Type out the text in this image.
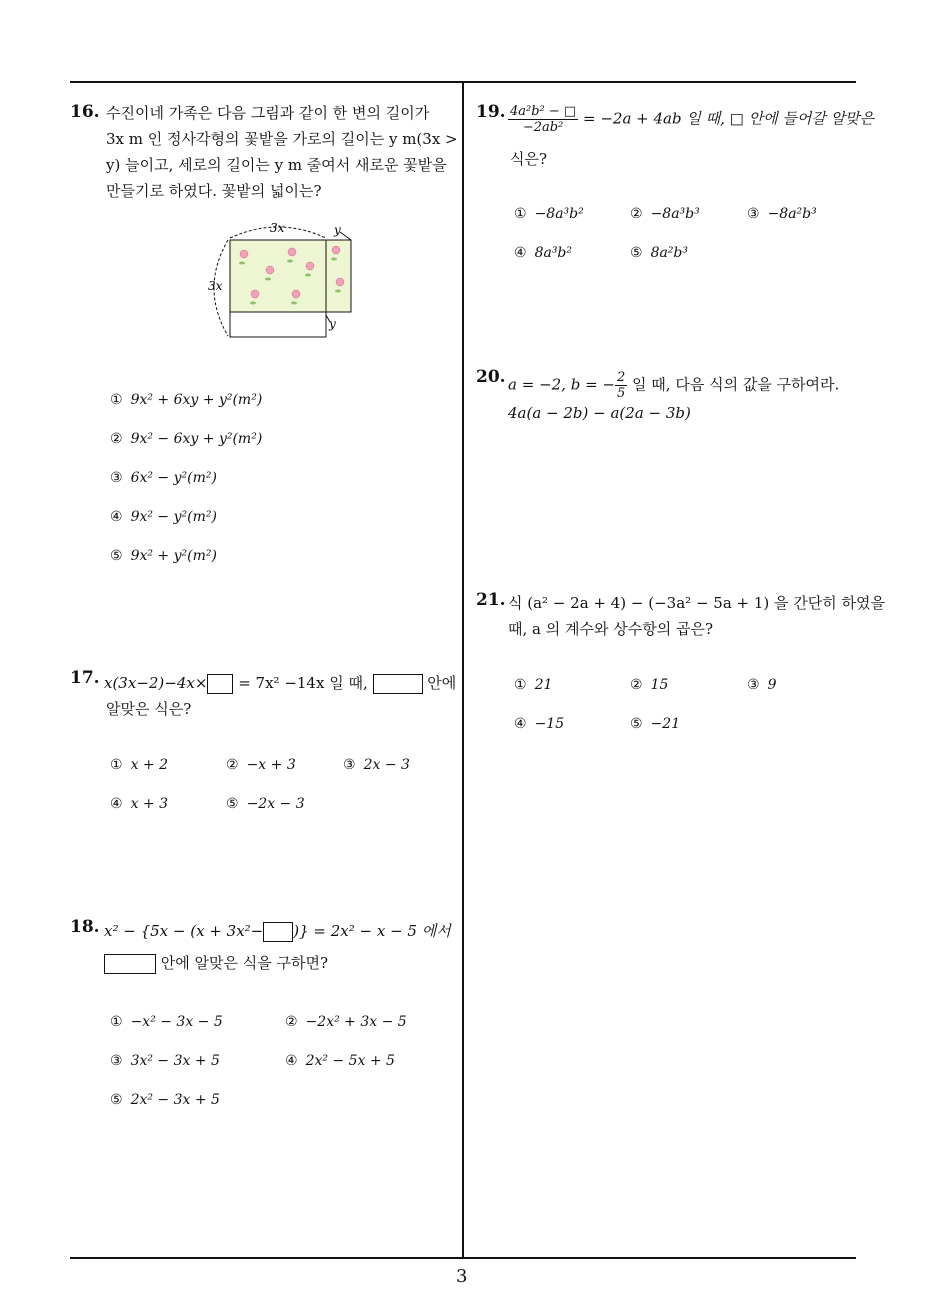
16. 수진이네 가족은 다음 그림과 같이 한 변의 길이가
3x m 인 정사각형의 꽃밭을 가로의 길이는 y m(3x >
y) 늘이고, 세로의 길이는 y m 줄여서 새로운 꽃밭을
만들기로 하였다. 꽃밭의 넓이는?
3x	y
3x
y
① 9x² + 6xy + y²(m²)
② 9x² − 6xy + y²(m²)
③ 6x² − y²(m²)
④ 9x² − y²(m²)
⑤ 9x² + y²(m²)
17. x(3x−2)−4x× = 7x² −14x 일 때,	안에
알맞은 식은?
① x + 2	② −x + 3	③ 2x − 3
④ x + 3	⑤ −2x − 3
18. x² − {5x − (x + 3x²− )} = 2x² − x − 5 에서
안에 알맞은 식을 구하면?
① −x² − 3x − 5	② −2x² + 3x − 5
③ 3x² − 3x + 5	④ 2x² − 5x + 5
⑤ 2x² − 3x + 5
19. $\frac{\text{4a²b² − □}}{\text{−2ab²}} = -2a + 4ab$ 일 때, □ 안에 들어갈 알맞은
식은?
① −8a³b²	② −8a³b³	③ −8a²b³
④ 8a³b²	⑤ 8a²b³
20. a = −2, b = − $\frac{2}{5}$ 일 때, 다음 식의 값을 구하여라.
4a(a − 2b) − a(2a − 3b)
21. 식 (a² − 2a + 4) − (−3a² − 5a + 1) 을 간단히 하였을
때, a 의 계수와 상수항의 곱은?
① 21	② 15	③ 9
④ −15	⑤ −21
3
